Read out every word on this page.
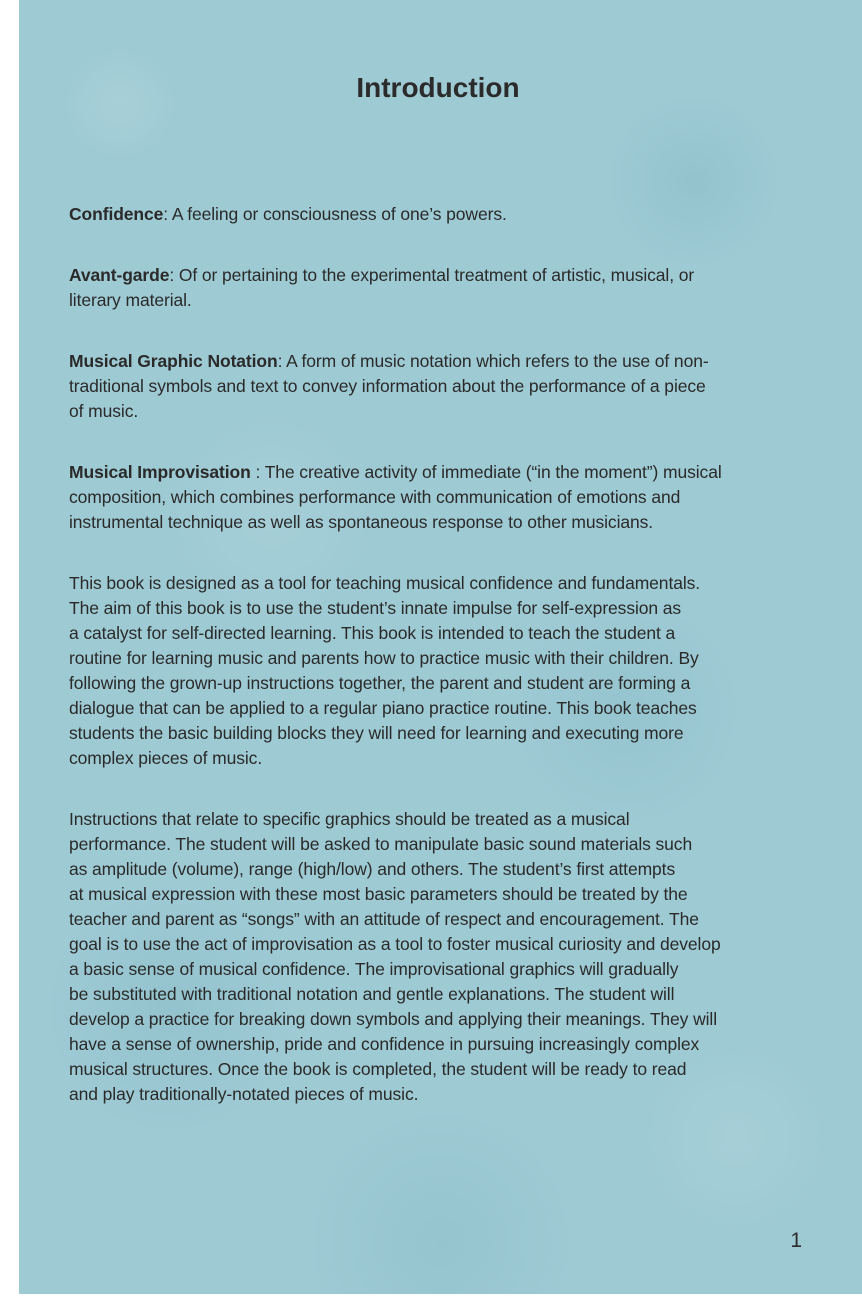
Introduction

Confidence: A feeling or consciousness of one’s powers.

Avant-garde: Of or pertaining to the experimental treatment of artistic, musical, or
literary material.

Musical Graphic Notation: A form of music notation which refers to the use of non-
traditional symbols and text to convey information about the performance of a piece
of music.

Musical Improvisation : The creative activity of immediate (“in the moment”) musical
composition, which combines performance with communication of emotions and
instrumental technique as well as spontaneous response to other musicians.

This book is designed as a tool for teaching musical confidence and fundamentals.
The aim of this book is to use the student’s innate impulse for self-expression as
a catalyst for self-directed learning. This book is intended to teach the student a
routine for learning music and parents how to practice music with their children. By
following the grown-up instructions together, the parent and student are forming a
dialogue that can be applied to a regular piano practice routine. This book teaches
students the basic building blocks they will need for learning and executing more
complex pieces of music.

Instructions that relate to specific graphics should be treated as a musical
performance. The student will be asked to manipulate basic sound materials such
as amplitude (volume), range (high/low) and others. The student’s first attempts
at musical expression with these most basic parameters should be treated by the
teacher and parent as “songs” with an attitude of respect and encouragement. The
goal is to use the act of improvisation as a tool to foster musical curiosity and develop
a basic sense of musical confidence. The improvisational graphics will gradually
be substituted with traditional notation and gentle explanations. The student will
develop a practice for breaking down symbols and applying their meanings. They will
have a sense of ownership, pride and confidence in pursuing increasingly complex
musical structures. Once the book is completed, the student will be ready to read
and play traditionally-notated pieces of music.

1
